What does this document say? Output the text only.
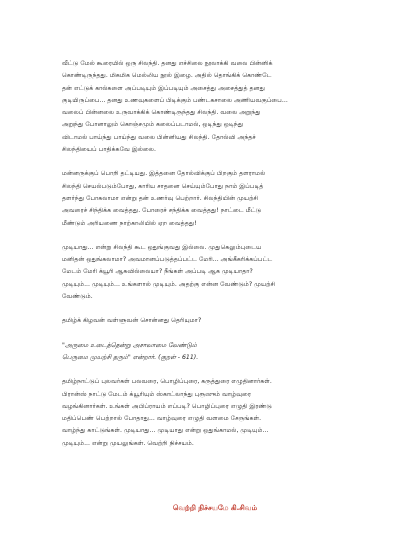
வீட்டு மேல் கூரையில் ஒரு சிலந்தி. தனது எச்சிலை நூலாக்கி வலை பின்னிக்
கொண்டிருந்தது. மிகமிக மெல்லிய நூல் இழை. அதில் தொங்கிக் கொண்டே
தன் எட்டுக் கால்களை அப்படியும் இப்படியும் அசைத்து அசைத்துத் தனது
குடியிருப்பை... தனது உணவுகளைப் பிடிக்கும் பண்டகசாலை அணியவகுப்பை...
வலைப் பின்னலை உருவாக்கிக் கொண்டிருந்தது சிலந்தி. வலை அறுந்து
அறுந்து போனாலும் கொஞ்சமும் கலைப்படாமல், ஒடிந்து ஒடிந்து
விடாமல் பாய்ந்து பாய்ந்து வலை பின்னியது சிலந்தி. தோல்வி அந்தச்
சிலந்தியைப் பாதிக்கவே இல்லை.
மன்னருக்குப் பொறி தட்டியது. இத்தனை தோல்விக்குப் பிறகும் தளராமல்
சிலந்தி செயல்படும்போது, காரிய சாதனை செய்யும்போது நாம் இப்படித்
தளர்ந்து போகலாமா என்று தன் உணர்வு பெற்றார். சிலந்தியின் முயற்சி
அவரைச் சிந்திக்க வைத்தது. போரைச் சந்திக்க வைத்தது! நாட்டை மீட்டு
மீண்டும் அரியணை நாற்காலியில் ஏற வைத்தது!
முடியாது... என்று சிலந்தி கூட ஒதுங்குவது இல்லை. முதுகெலும்புடைய
மனிதன் ஒதுங்கலாமா? அவமானப்படுத்தப்பட்ட மேரி... அங்கீகரிக்கப்பட்ட
மேடம் மேரி க்யூரி ஆகவில்லையா? நீங்கள் அப்படி ஆக முடியாதா?
முடியும்... முடியும்... உங்களால் முடியும். அதற்கு என்ன வேண்டும்? முயற்சி
வேண்டும்.
தமிழ்க் கிழவன் வள்ளுவன் சொன்னது தெரியுமா?
"அருமை உடைத்தென்று அசாவாமை வேண்டும்
பெருமை முயற்சி தரும்" என்றார். (குறள் - 611).
தமிழ்நாட்டுப் புலவர்கள் பலவரை, பொழிப்புரை, கருத்துரை எழுதினார்கள்.
பிரான்ஸ் நாட்டு மேடம் க்யூரியும் ஸ்காட்லாந்து புரூஸும் வாழ்வுரை
வழங்கினார்கள். உங்கள் அபிப்ராயம் எப்படி? பொழிப்புரை எழுதி இரண்டு
மதிப்பெண் பெற்றால் போதாது... வாழ்வுரை எழுதி வளமை சேருங்கள்.
வாழ்ந்து காட்டுங்கள். முடியாது... முடியாது என்று ஒதுங்காமல், முடியும்...
முடியும்... என்று முயலுங்கள். வெற்றி நிச்சயம்.
வெற்றி நிச்சயமே கி.சிவம்
